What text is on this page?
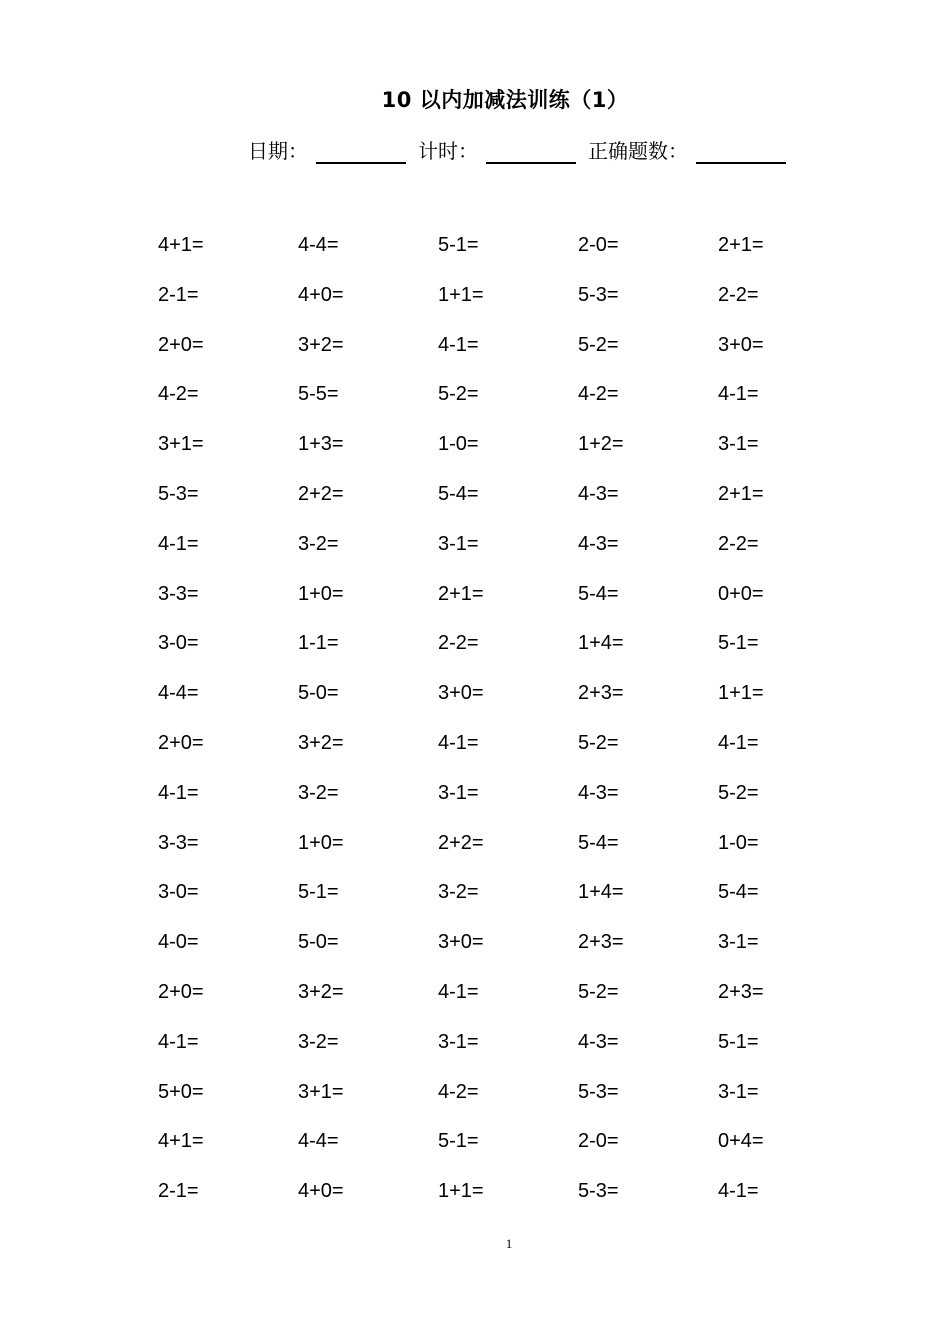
10 以内加减法训练（1）
日期：	计时：	正确题数：
4+1=	4-4=	5-1=	2-0=	2+1=
2-1=	4+0=	1+1=	5-3=	2-2=
2+0=	3+2=	4-1=	5-2=	3+0=
4-2=	5-5=	5-2=	4-2=	4-1=
3+1=	1+3=	1-0=	1+2=	3-1=
5-3=	2+2=	5-4=	4-3=	2+1=
4-1=	3-2=	3-1=	4-3=	2-2=
3-3=	1+0=	2+1=	5-4=	0+0=
3-0=	1-1=	2-2=	1+4=	5-1=
4-4=	5-0=	3+0=	2+3=	1+1=
2+0=	3+2=	4-1=	5-2=	4-1=
4-1=	3-2=	3-1=	4-3=	5-2=
3-3=	1+0=	2+2=	5-4=	1-0=
3-0=	5-1=	3-2=	1+4=	5-4=
4-0=	5-0=	3+0=	2+3=	3-1=
2+0=	3+2=	4-1=	5-2=	2+3=
4-1=	3-2=	3-1=	4-3=	5-1=
5+0=	3+1=	4-2=	5-3=	3-1=
4+1=	4-4=	5-1=	2-0=	0+4=
2-1=	4+0=	1+1=	5-3=	4-1=
1
